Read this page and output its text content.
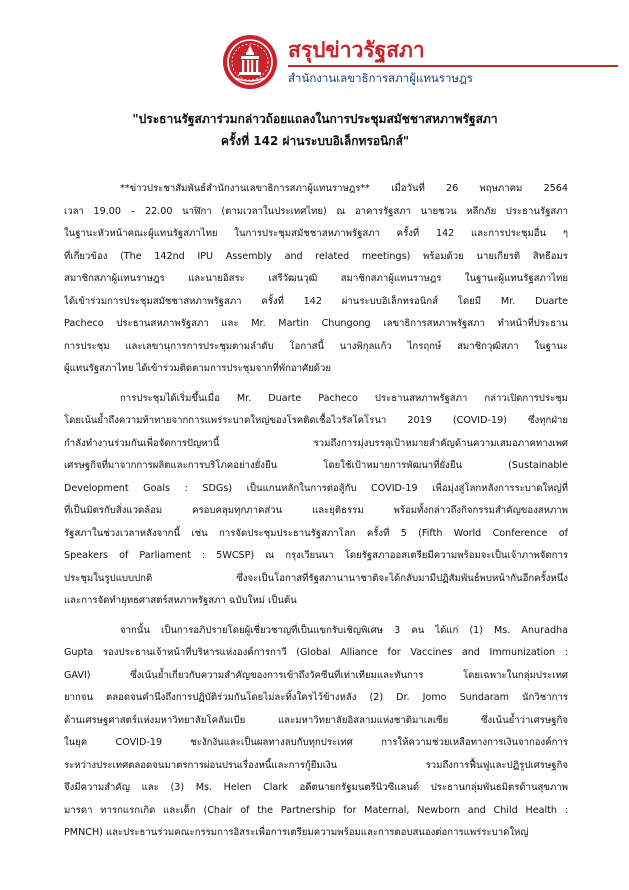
สรุปข่าวรัฐสภา
สำนักงานเลขาธิการสภาผู้แทนราษฎร
"ประธานรัฐสภาร่วมกล่าวถ้อยแถลงในการประชุมสมัชชาสหภาพรัฐสภา
ครั้งที่ 142 ผ่านระบบอิเล็กทรอนิกส์"
**ข่าวประชาสัมพันธ์สำนักงานเลขาธิการสภาผู้แทนราษฎร** เมื่อวันที่ 26 พฤษภาคม 2564
เวลา 19.00 – 22.00 นาฬิกา (ตามเวลาในประเทศไทย) ณ อาคารรัฐสภา นายชวน หลีกภัย ประธานรัฐสภา
ในฐานะหัวหน้าคณะผู้แทนรัฐสภาไทย ในการประชุมสมัชชาสหภาพรัฐสภา ครั้งที่ 142 และการประชุมอื่น ๆ
ที่เกี่ยวข้อง (The 142nd IPU Assembly and related meetings) พร้อมด้วย นายเกียรติ สิทธีอมร
สมาชิกสภาผู้แทนราษฎร และนายอิสระ เสรีวัฒนวุฒิ สมาชิกสภาผู้แทนราษฎร ในฐานะผู้แทนรัฐสภาไทย
ได้เข้าร่วมการประชุมสมัชชาสหภาพรัฐสภา ครั้งที่ 142 ผ่านระบบอิเล็กทรอนิกส์ โดยมี Mr. Duarte
Pacheco ประธานสหภาพรัฐสภา และ Mr. Martin Chungong เลขาธิการสหภาพรัฐสภา ทำหน้าที่ประธาน
การประชุม และเลขานุการการประชุมตามลำดับ โอกาสนี้ นางพิกุลแก้ว ไกรฤกษ์ สมาชิกวุฒิสภา ในฐานะ
ผู้แทนรัฐสภาไทย ได้เข้าร่วมติดตามการประชุมจากที่พักอาศัยด้วย
การประชุมได้เริ่มขึ้นเมื่อ Mr. Duarte Pacheco ประธานสหภาพรัฐสภา กล่าวเปิดการประชุม
โดยเน้นย้ำถึงความท้าทายจากการแพร่ระบาดใหญ่ของโรคติดเชื้อไวรัสโคโรนา 2019 (COVID-19) ซึ่งทุกฝ่าย
กำลังทำงานร่วมกันเพื่อจัดการปัญหานี้ รวมถึงการมุ่งบรรลุเป้าหมายสำคัญด้านความเสมอภาคทางเพศ
เศรษฐกิจที่มาจากการผลิตและการบริโภคอย่างยั่งยืน โดยใช้เป้าหมายการพัฒนาที่ยั่งยืน (Sustainable
Development Goals : SDGs) เป็นแกนหลักในการต่อสู้กับ COVID-19 เพื่อมุ่งสู่โลกหลังการระบาดใหญ่ที่
ที่เป็นมิตรกับสิ่งแวดล้อม ครอบคลุมทุกภาคส่วน และยุติธรรม พร้อมทั้งกล่าวถึงกิจกรรมสำคัญของสหภาพ
รัฐสภาในช่วงเวลาหลังจากนี้ เช่น การจัดประชุมประธานรัฐสภาโลก ครั้งที่ 5 (Fifth World Conference of
Speakers of Parliament : 5WCSP) ณ กรุงเวียนนา โดยรัฐสภาออสเตรียมีความพร้อมจะเป็นเจ้าภาพจัดการ
ประชุมในรูปแบบปกติ ซึ่งจะเป็นโอกาสที่รัฐสภานานาชาติจะได้กลับมามีปฏิสัมพันธ์พบหน้ากันอีกครั้งหนึ่ง
และการจัดทำยุทธศาสตร์สหภาพรัฐสภา ฉบับใหม่ เป็นต้น
จากนั้น เป็นการอภิปรายโดยผู้เชี่ยวชาญที่เป็นแขกรับเชิญพิเศษ 3 คน ได้แก่ (1) Ms. Anuradha
Gupta รองประธานเจ้าหน้าที่บริหารแห่งองค์การกาวี (Global Alliance for Vaccines and Immunization :
GAVI) ซึ่งเน้นย้ำเกี่ยวกับความสำคัญของการเข้าถึงวัคซีนที่เท่าเทียมและทันการ โดยเฉพาะในกลุ่มประเทศ
ยากจน ตลอดจนคำนึงถึงการปฏิบัติร่วมกันโดยไม่ละทิ้งใครไว้ข้างหลัง (2) Dr. Jomo Sundaram นักวิชาการ
ด้านเศรษฐศาสตร์แห่งมหาวิทยาลัยโคลัมเบีย และมหาวิทยาลัยอิสลามแห่งชาติมาเลเซีย ซึ่งเน้นย้ำว่าเศรษฐกิจ
ในยุค COVID-19 ชะงักงันและเป็นผลทางลบกับทุกประเทศ การให้ความช่วยเหลือทางการเงินจากองค์การ
ระหว่างประเทศตลอดจนมาตรการผ่อนปรนเรื่องหนี้และการกู้ยืมเงิน รวมถึงการฟื้นฟูและปฏิรูปเศรษฐกิจ
จึงมีความสำคัญ และ (3) Ms. Helen Clark อดีตนายกรัฐมนตรีนิวซีแลนด์ ประธานกลุ่มพันธมิตรด้านสุขภาพ
มารดา ทารกแรกเกิด และเด็ก (Chair of the Partnership for Maternal, Newborn and Child Health :
PMNCH) และประธานร่วมคณะกรรมการอิสระเพื่อการเตรียมความพร้อมและการตอบสนองต่อการแพร่ระบาดใหญ่
